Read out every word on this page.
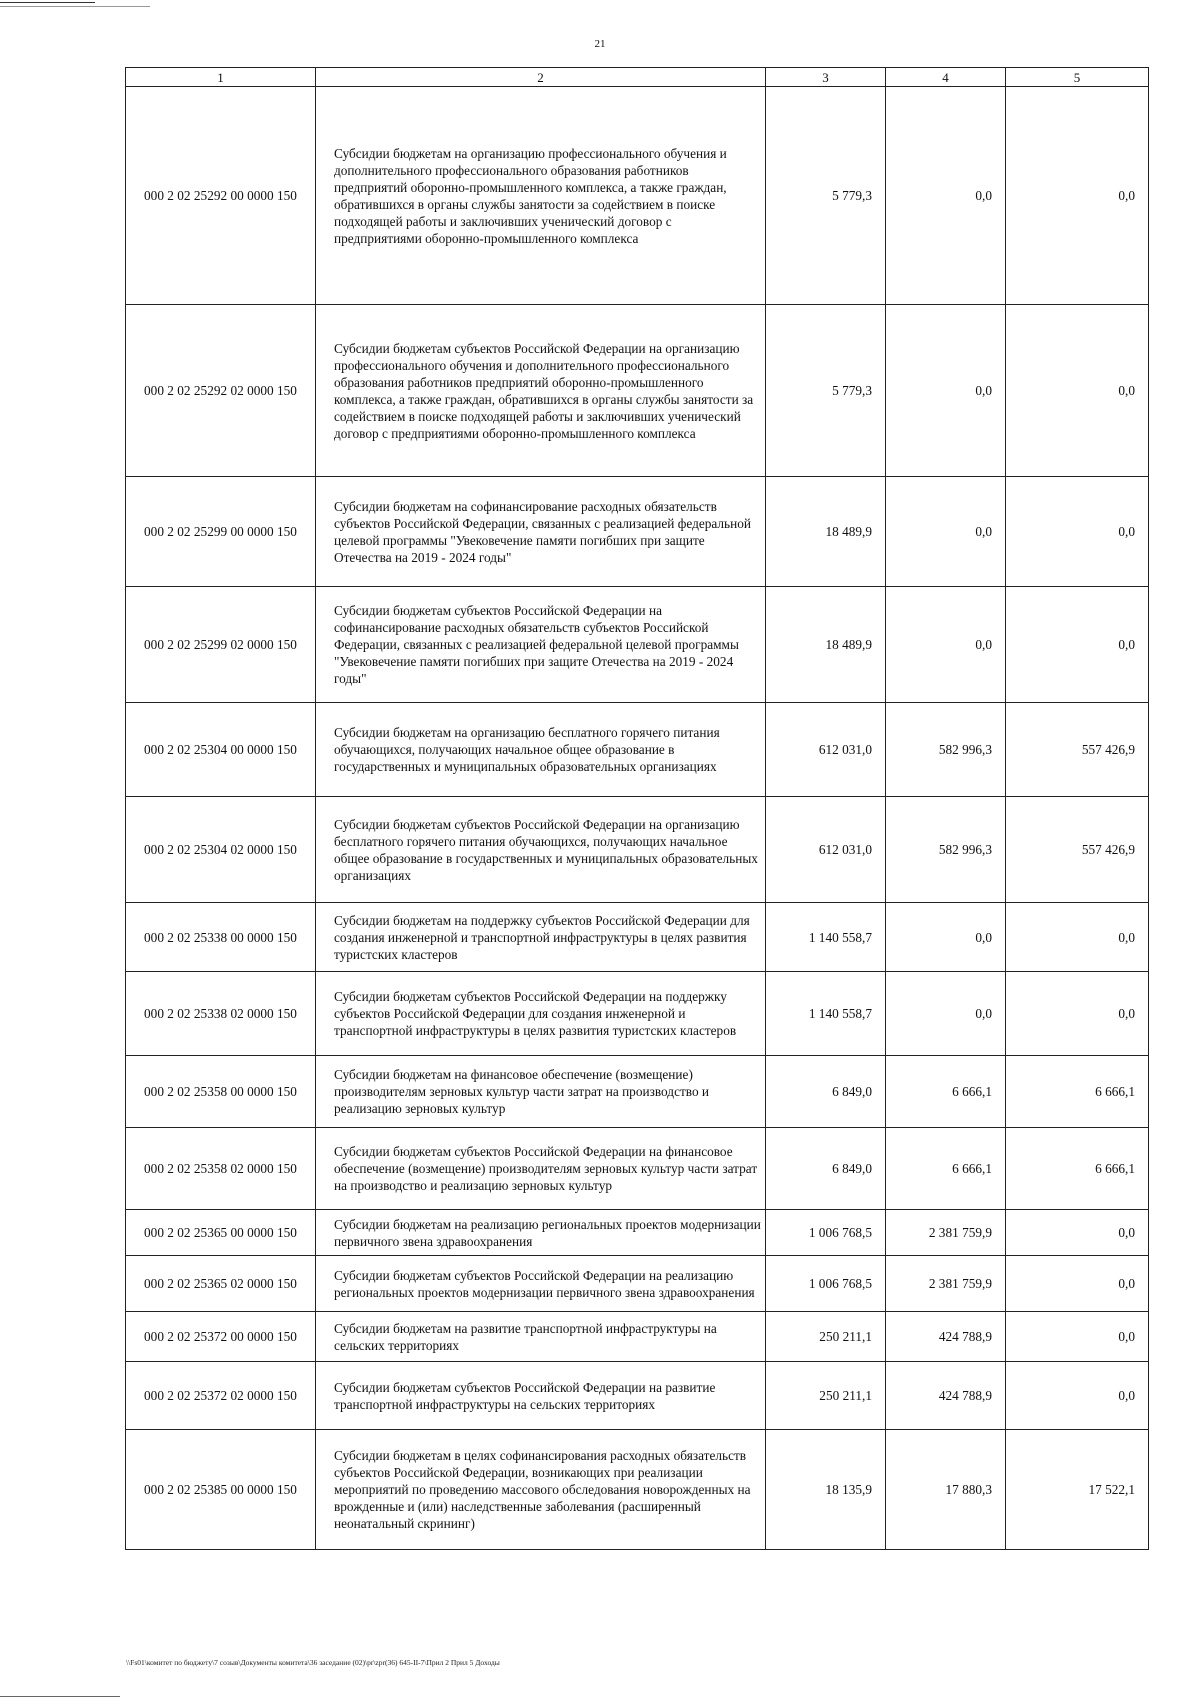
21
1	2	3	4	5
000 2 02 25292 00 0000 150	Субсидии бюджетам на организацию профессионального обучения и дополнительного профессионального образования работников предприятий оборонно-промышленного комплекса, а также граждан, обратившихся в органы службы занятости за содействием в поиске подходящей работы и заключивших ученический договор с предприятиями оборонно-промышленного комплекса	5 779,3	0,0	0,0
000 2 02 25292 02 0000 150	Субсидии бюджетам субъектов Российской Федерации на организацию профессионального обучения и дополнительного профессионального образования работников предприятий оборонно-промышленного комплекса, а также граждан, обратившихся в органы службы занятости за содействием в поиске подходящей работы и заключивших ученический договор с предприятиями оборонно-промышленного комплекса	5 779,3	0,0	0,0
000 2 02 25299 00 0000 150	Субсидии бюджетам на софинансирование расходных обязательств субъектов Российской Федерации, связанных с реализацией федеральной целевой программы "Увековечение памяти погибших при защите Отечества на 2019 - 2024 годы"	18 489,9	0,0	0,0
000 2 02 25299 02 0000 150	Субсидии бюджетам субъектов Российской Федерации на софинансирование расходных обязательств субъектов Российской Федерации, связанных с реализацией федеральной целевой программы "Увековечение памяти погибших при защите Отечества на 2019 - 2024 годы"	18 489,9	0,0	0,0
000 2 02 25304 00 0000 150	Субсидии бюджетам на организацию бесплатного горячего питания обучающихся, получающих начальное общее образование в государственных и муниципальных образовательных организациях	612 031,0	582 996,3	557 426,9
000 2 02 25304 02 0000 150	Субсидии бюджетам субъектов Российской Федерации на организацию бесплатного горячего питания обучающихся, получающих начальное общее образование в государственных и муниципальных образовательных организациях	612 031,0	582 996,3	557 426,9
000 2 02 25338 00 0000 150	Субсидии бюджетам на поддержку субъектов Российской Федерации для создания инженерной и транспортной инфраструктуры в целях развития туристских кластеров	1 140 558,7	0,0	0,0
000 2 02 25338 02 0000 150	Субсидии бюджетам субъектов Российской Федерации на поддержку субъектов Российской Федерации для создания инженерной и транспортной инфраструктуры в целях развития туристских кластеров	1 140 558,7	0,0	0,0
000 2 02 25358 00 0000 150	Субсидии бюджетам на финансовое обеспечение (возмещение) производителям зерновых культур части затрат на производство и реализацию зерновых культур	6 849,0	6 666,1	6 666,1
000 2 02 25358 02 0000 150	Субсидии бюджетам субъектов Российской Федерации на финансовое обеспечение (возмещение) производителям зерновых культур части затрат на производство и реализацию зерновых культур	6 849,0	6 666,1	6 666,1
000 2 02 25365 00 0000 150	Субсидии бюджетам на реализацию региональных проектов модернизации первичного звена здравоохранения	1 006 768,5	2 381 759,9	0,0
000 2 02 25365 02 0000 150	Субсидии бюджетам субъектов Российской Федерации на реализацию региональных проектов модернизации первичного звена здравоохранения	1 006 768,5	2 381 759,9	0,0
000 2 02 25372 00 0000 150	Субсидии бюджетам на развитие транспортной инфраструктуры на сельских территориях	250 211,1	424 788,9	0,0
000 2 02 25372 02 0000 150	Субсидии бюджетам субъектов Российской Федерации на развитие транспортной инфраструктуры на сельских территориях	250 211,1	424 788,9	0,0
000 2 02 25385 00 0000 150	Субсидии бюджетам в целях софинансирования расходных обязательств субъектов Российской Федерации, возникающих при реализации мероприятий по проведению массового обследования новорожденных на врожденные и (или) наследственные заболевания (расширенный неонатальный скрининг)	18 135,9	17 880,3	17 522,1
\\Fs01\комитет по бюджету\7 созыв\Документы комитета\36 заседание (02)\pr\zpr(36) 645-II-7\Прил 2 Прил 5 Доходы
